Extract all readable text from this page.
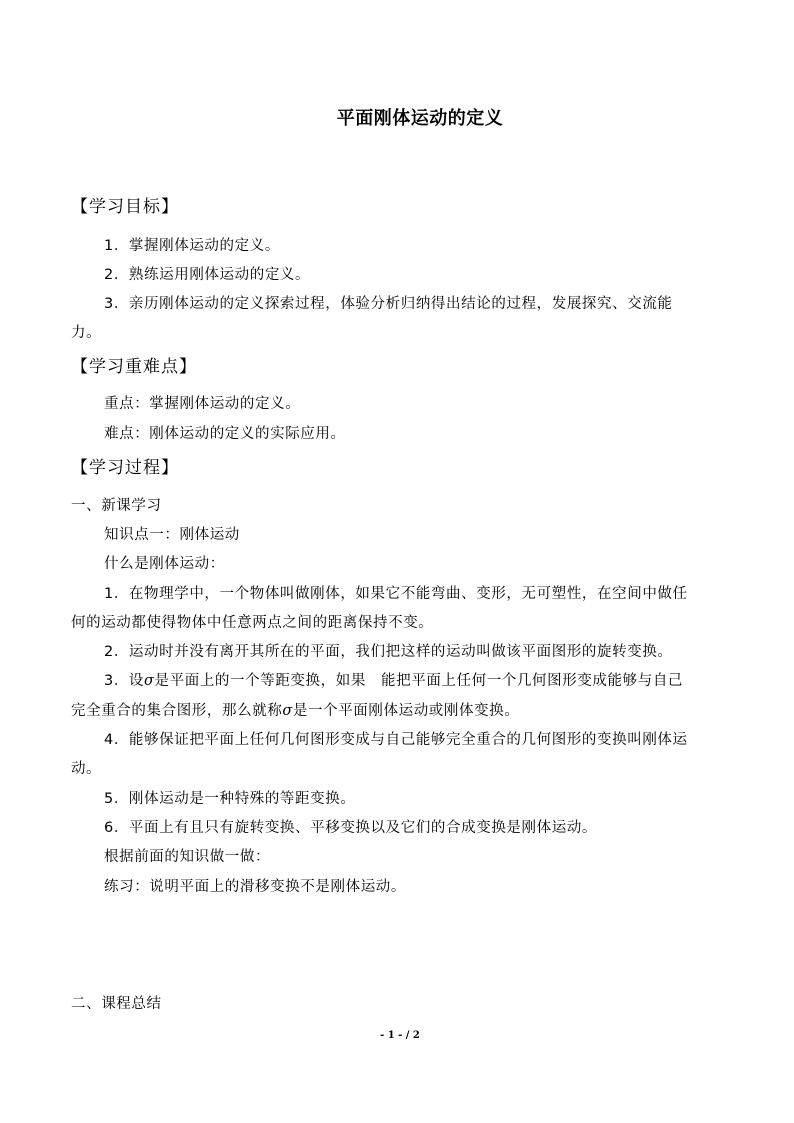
平面刚体运动的定义
【学习目标】
1．掌握刚体运动的定义。
2．熟练运用刚体运动的定义。
3．亲历刚体运动的定义探索过程，体验分析归纳得出结论的过程，发展探究、交流能
力。
【学习重难点】
重点：掌握刚体运动的定义。
难点：刚体运动的定义的实际应用。
【学习过程】
一、新课学习
知识点一：刚体运动
什么是刚体运动：
1．在物理学中，一个物体叫做刚体，如果它不能弯曲、变形，无可塑性，在空间中做任
何的运动都使得物体中任意两点之间的距离保持不变。
2．运动时并没有离开其所在的平面，我们把这样的运动叫做该平面图形的旋转变换。
3．设σ是平面上的一个等距变换，如果　能把平面上任何一个几何图形变成能够与自己
完全重合的集合图形，那么就称σ是一个平面刚体运动或刚体变换。
4．能够保证把平面上任何几何图形变成与自己能够完全重合的几何图形的变换叫刚体运
动。
5．刚体运动是一种特殊的等距变换。
6．平面上有且只有旋转变换、平移变换以及它们的合成变换是刚体运动。
根据前面的知识做一做：
练习：说明平面上的滑移变换不是刚体运动。
二、课程总结
- 1 - / 2
